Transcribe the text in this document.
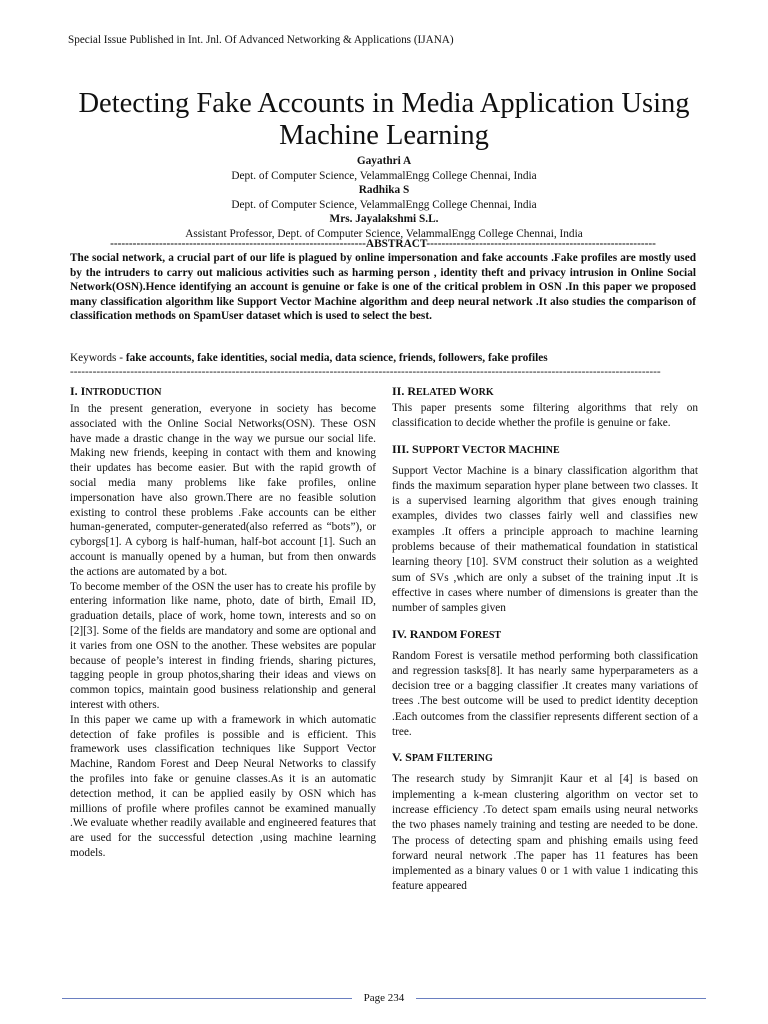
Special Issue Published in Int. Jnl. Of Advanced Networking & Applications (IJANA)
Detecting Fake Accounts in Media Application Using Machine Learning
Gayathri A
Dept. of Computer Science, VelammalEngg College Chennai, India
Radhika S
Dept. of Computer Science, VelammalEngg College Chennai, India
Mrs. Jayalakshmi S.L.
Assistant Professor, Dept. of Computer Science, VelammalEngg College Chennai, India
--------------------------------------------------------------------ABSTRACT-------------------------------------------------------------

The social network, a crucial part of our life is plagued by online impersonation and fake accounts .Fake profiles are mostly used by the intruders to carry out malicious activities such as harming person , identity theft and privacy intrusion in Online Social Network(OSN).Hence identifying an account is genuine or fake is one of the critical problem in OSN .In this paper we proposed many classification algorithm like Support Vector Machine algorithm and deep neural network .It also studies the comparison of classification methods on SpamUser dataset which is used to select the best.

Keywords - fake accounts, fake identities, social media, data science, friends, followers, fake profiles
-------------------------------------------------------------------------------------------------------------------------------------------------------------
I. INTRODUCTION

In the present generation, everyone in society has become associated with the Online Social Networks(OSN). These OSN have made a drastic change in the way we pursue our social life. Making new friends, keeping in contact with them and knowing their updates has become easier. But with the rapid growth of social media many problems like fake profiles, online impersonation have also grown.There are no feasible solution existing to control these problems .Fake accounts can be either human-generated, computer-generated(also referred as “bots”), or cyborgs[1]. A cyborg is half-human, half-bot account [1]. Such an account is manually opened by a human, but from then onwards the actions are automated by a bot.

To become member of the OSN the user has to create his profile by entering information like name, photo, date of birth, Email ID, graduation details, place of work, home town, interests and so on [2][3]. Some of the fields are mandatory and some are optional and it varies from one OSN to the another. These websites are popular because of people’s interest in finding friends, sharing pictures, tagging people in group photos,sharing their ideas and views on common topics, maintain good business relationship and general interest with others.

In this paper we came up with a framework in which automatic detection of fake profiles is possible and is efficient. This framework uses classification techniques like Support Vector Machine, Random Forest and Deep Neural Networks to classify the profiles into fake or genuine classes.As it is an automatic detection method, it can be applied easily by OSN which has millions of profile where profiles cannot be examined manually .We evaluate whether readily available and engineered features that are used for the successful detection ,using machine learning models.

II. RELATED WORK

This paper presents some filtering algorithms that rely on classification to decide whether the profile is genuine or fake.

III. SUPPORT VECTOR MACHINE

Support Vector Machine is a binary classification algorithm that finds the maximum separation hyper plane between two classes. It is a supervised learning algorithm that gives enough training examples, divides two classes fairly well and classifies new examples .It offers a principle approach to machine learning problems because of their mathematical foundation in statistical learning theory [10]. SVM construct their solution as a weighted sum of SVs ,which are only a subset of the training input .It is effective in cases where number of dimensions is greater than the number of samples given

IV. RANDOM FOREST

Random Forest is versatile method performing both classification and regression tasks[8]. It has nearly same hyperparameters as a decision tree or a bagging classifier .It creates many variations of trees .The best outcome will be used to predict identity deception .Each outcomes from the classifier represents different section of a tree.

V. SPAM FILTERING

The research study by Simranjit Kaur et al [4] is based on implementing a k-mean clustering algorithm on vector set to increase efficiency .To detect spam emails using neural networks the two phases namely training and testing are needed to be done. The process of detecting spam and phishing emails using feed forward neural network .The paper has 11 features has been implemented as a binary values 0 or 1 with value 1 indicating this feature appeared

Page 234
